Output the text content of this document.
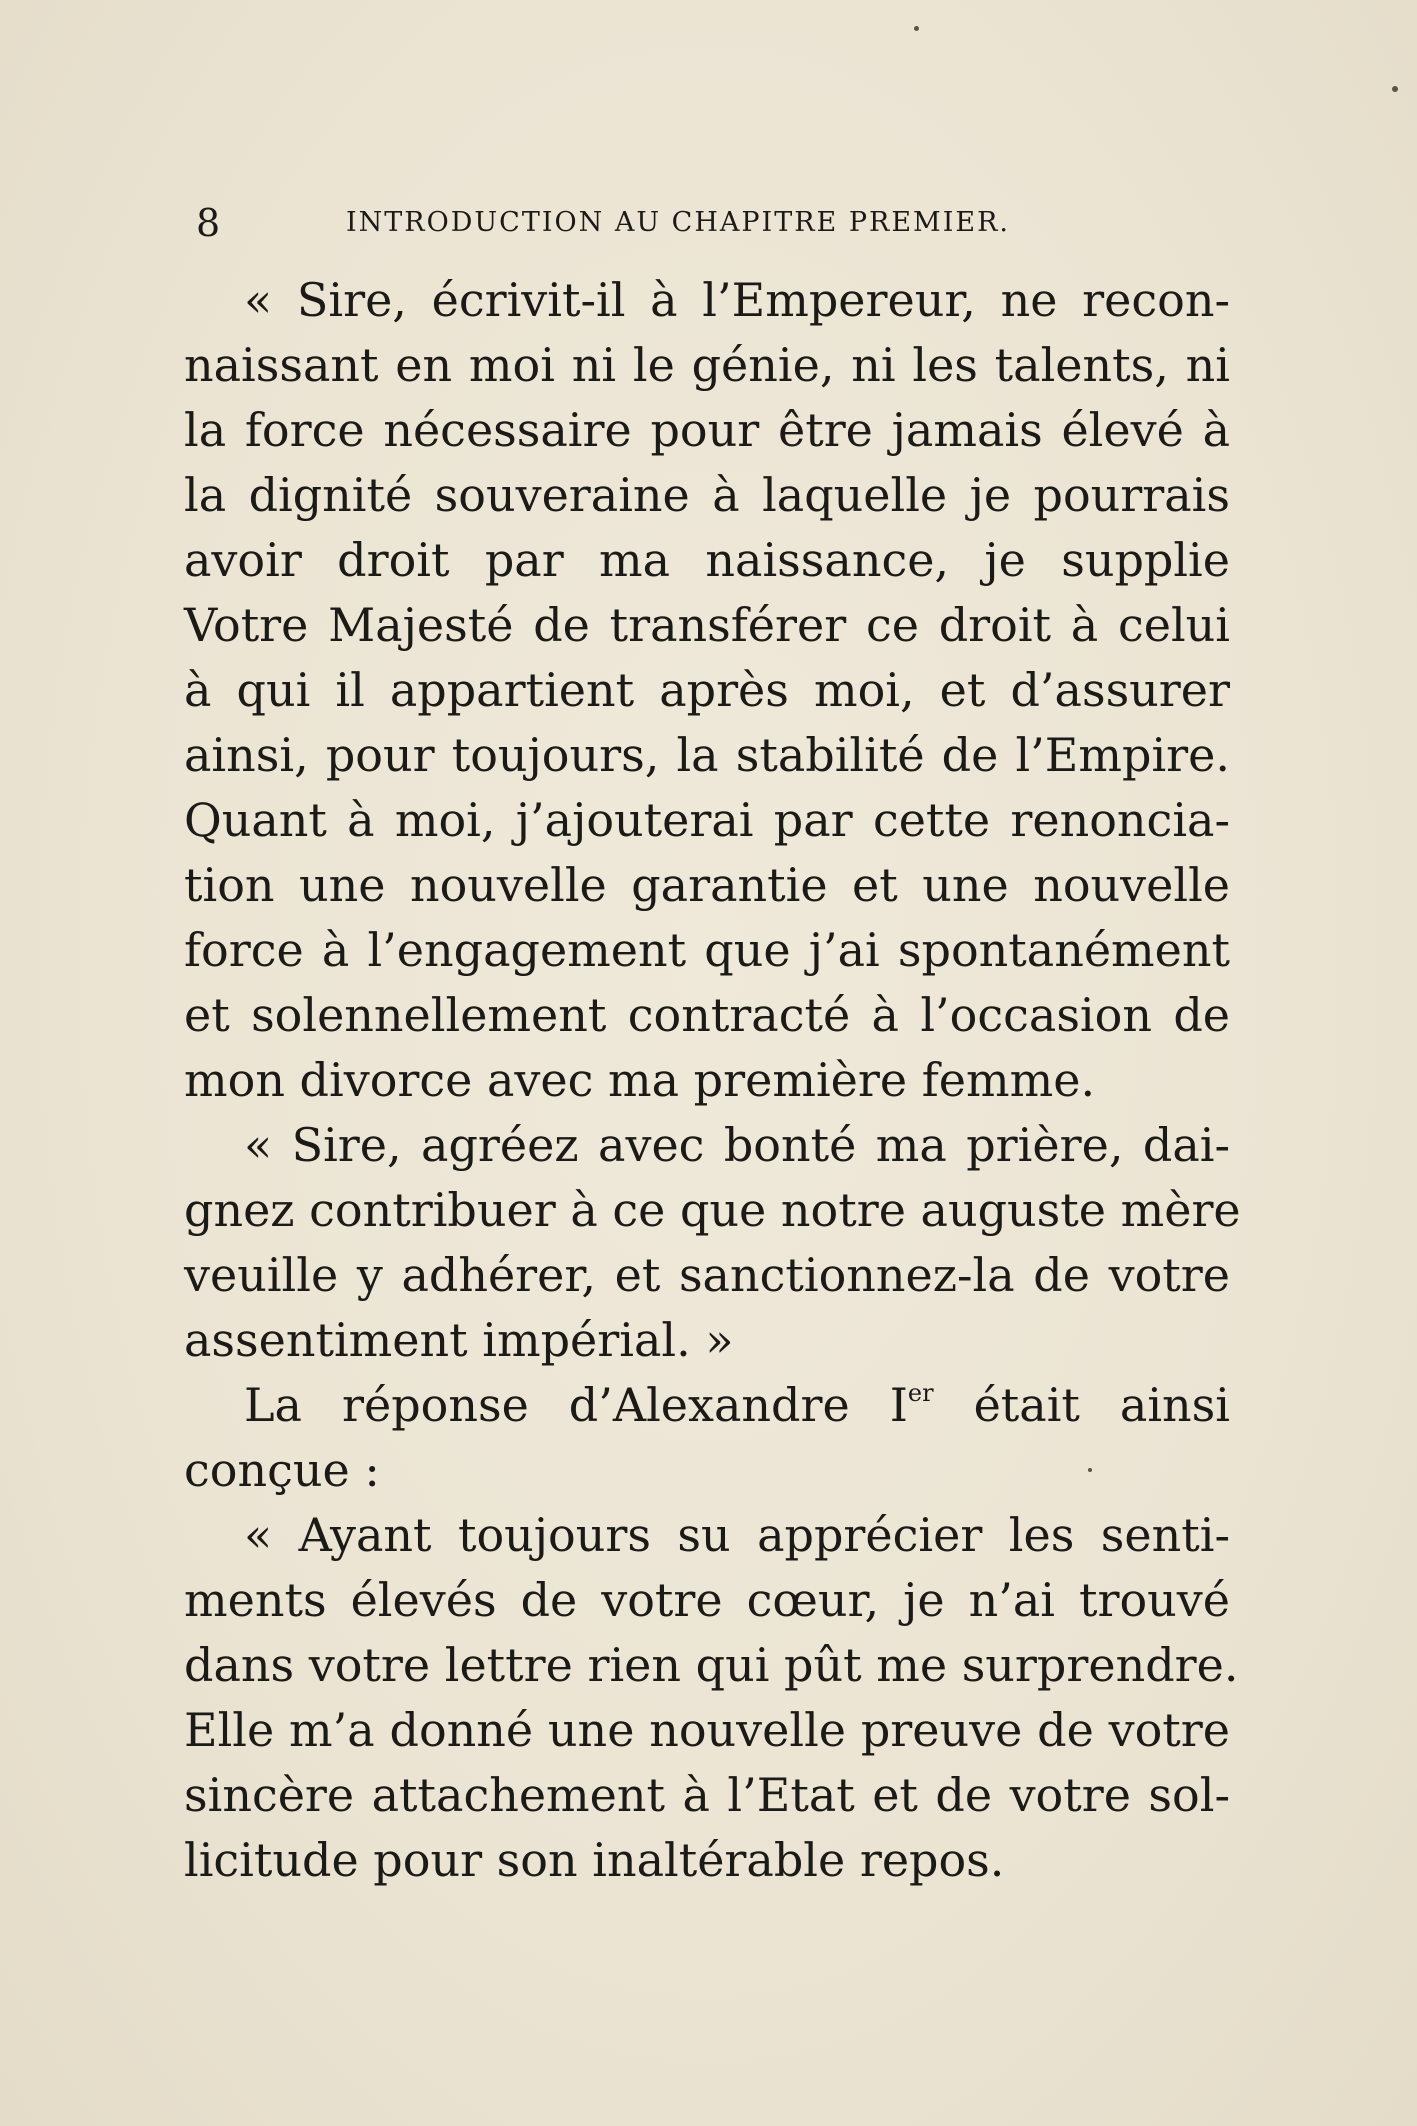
8	INTRODUCTION AU CHAPITRE PREMIER.
« Sire, écrivit-il à l’Empereur, ne recon-
naissant en moi ni le génie, ni les talents, ni
la force nécessaire pour être jamais élevé à
la dignité souveraine à laquelle je pourrais
avoir droit par ma naissance, je supplie
Votre Majesté de transférer ce droit à celui
à qui il appartient après moi, et d’assurer
ainsi, pour toujours, la stabilité de l’Empire.
Quant à moi, j’ajouterai par cette renoncia-
tion une nouvelle garantie et une nouvelle
force à l’engagement que j’ai spontanément
et solennellement contracté à l’occasion de
mon divorce avec ma première femme.
« Sire, agréez avec bonté ma prière, dai-
gnez contribuer à ce que notre auguste mère
veuille y adhérer, et sanctionnez-la de votre
assentiment impérial. »
La réponse d’Alexandre Ier était ainsi
conçue :
« Ayant toujours su apprécier les senti-
ments élevés de votre cœur, je n’ai trouvé
dans votre lettre rien qui pût me surprendre.
Elle m’a donné une nouvelle preuve de votre
sincère attachement à l’Etat et de votre sol-
licitude pour son inaltérable repos.
